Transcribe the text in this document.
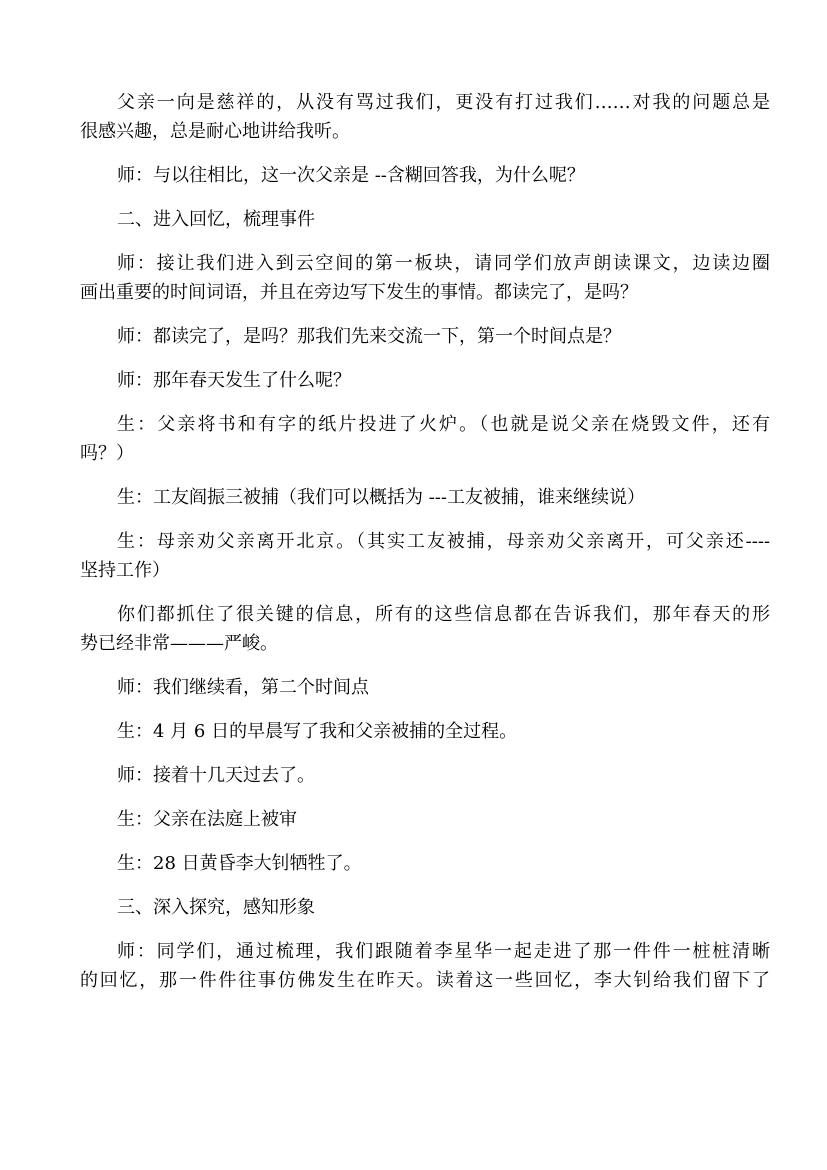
父亲一向是慈祥的，从没有骂过我们，更没有打过我们……对我的问题总是
很感兴趣，总是耐心地讲给我听。

师：与以往相比，这一次父亲是 --含糊回答我，为什么呢？

二、进入回忆，梳理事件

师：接让我们进入到云空间的第一板块，请同学们放声朗读课文，边读边圈
画出重要的时间词语，并且在旁边写下发生的事情。都读完了，是吗？

师：都读完了，是吗？那我们先来交流一下，第一个时间点是？

师：那年春天发生了什么呢？

生：父亲将书和有字的纸片投进了火炉。（也就是说父亲在烧毁文件，还有
吗？）

生：工友阎振三被捕（我们可以概括为 ---工友被捕，谁来继续说）

生：母亲劝父亲离开北京。（其实工友被捕，母亲劝父亲离开，可父亲还----
坚持工作）

你们都抓住了很关键的信息，所有的这些信息都在告诉我们，那年春天的形
势已经非常———严峻。

师：我们继续看，第二个时间点

生：4 月 6 日的早晨写了我和父亲被捕的全过程。

师：接着十几天过去了。

生：父亲在法庭上被审

生：28 日黄昏李大钊牺牲了。

三、深入探究，感知形象

师：同学们，通过梳理，我们跟随着李星华一起走进了那一件件一桩桩清晰
的回忆，那一件件往事仿佛发生在昨天。读着这一些回忆，李大钊给我们留下了
